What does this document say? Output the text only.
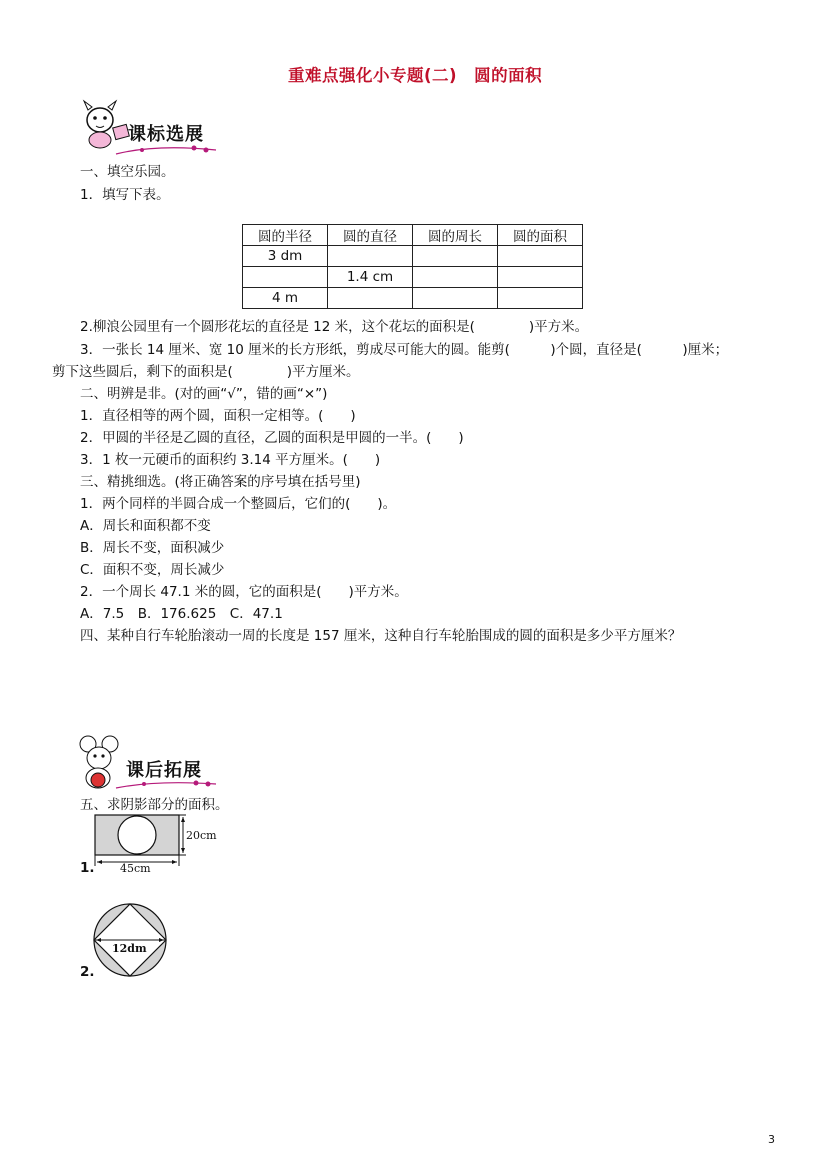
重难点强化小专题(二)　圆的面积
课标选展
一、填空乐园。
1．填写下表。
圆的半径	圆的直径	圆的周长	圆的面积
3 dm			
	1.4 cm		
4 m			
2.柳浪公园里有一个圆形花坛的直径是 12 米，这个花坛的面积是(　　　　)平方米。
3．一张长 14 厘米、宽 10 厘米的长方形纸，剪成尽可能大的圆。能剪(　　　)个圆，直径是(　　　)厘米；
剪下这些圆后，剩下的面积是(　　　　)平方厘米。
二、明辨是非。(对的画“√”，错的画“×”)
1．直径相等的两个圆，面积一定相等。(　　)
2．甲圆的半径是乙圆的直径，乙圆的面积是甲圆的一半。(　　)
3．1 枚一元硬币的面积约 3.14 平方厘米。(　　)
三、精挑细选。(将正确答案的序号填在括号里)
1．两个同样的半圆合成一个整圆后，它们的(　　)。
A．周长和面积都不变
B．周长不变，面积减少
C．面积不变，周长减少
2．一个周长 47.1 米的圆，它的面积是(　　)平方米。
A．7.5　B．176.625　C．47.1
四、某种自行车轮胎滚动一周的长度是 157 厘米，这种自行车轮胎围成的圆的面积是多少平方厘米？
课后拓展
五、求阴影部分的面积。
1. 45cm
20cm
2.
12dm
3
